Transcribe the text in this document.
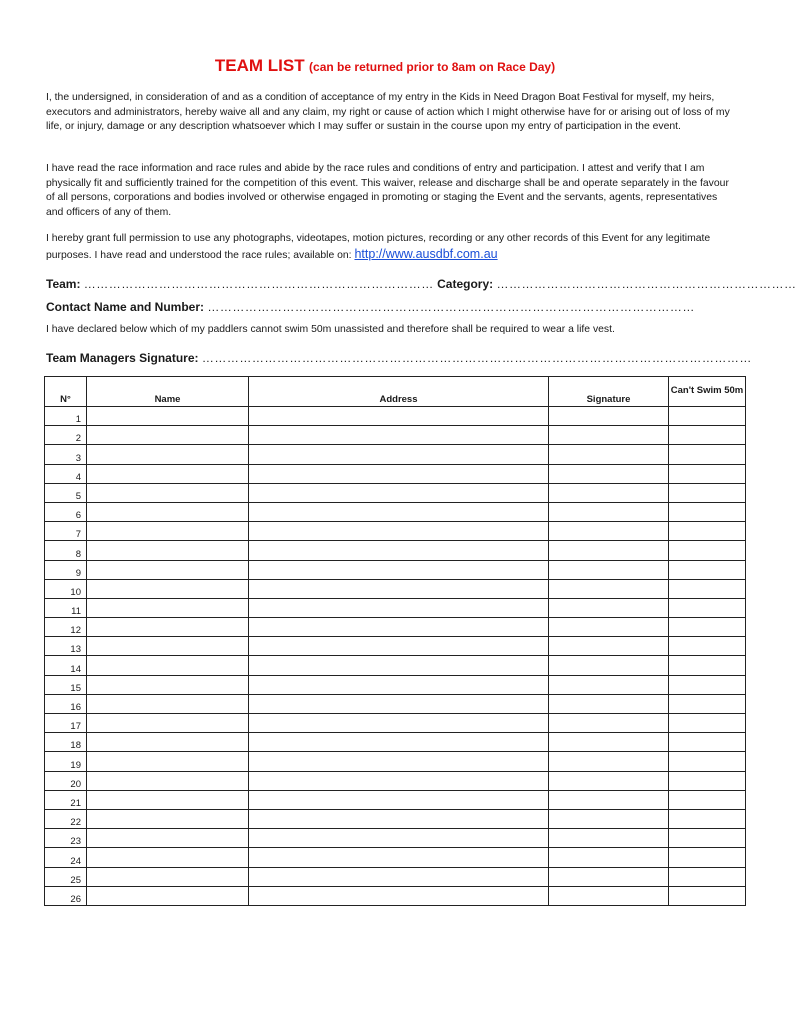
TEAM LIST (can be returned prior to 8am on Race Day)

I, the undersigned, in consideration of and as a condition of acceptance of my entry in the Kids in Need Dragon Boat Festival for myself, my heirs, executors and administrators, hereby waive all and any claim, my right or cause of action which I might otherwise have for or arising out of loss of my life, or injury, damage or any description whatsoever which I may suffer or sustain in the course upon my entry of participation in the event.

I have read the race information and race rules and abide by the race rules and conditions of entry and participation. I attest and verify that I am physically fit and sufficiently trained for the competition of this event. This waiver, release and discharge shall be and operate separately in the favour of all persons, corporations and bodies involved or otherwise engaged in promoting or staging the Event and the servants, agents, representatives and officers of any of them.

I hereby grant full permission to use any photographs, videotapes, motion pictures, recording or any other records of this Event for any legitimate purposes. I have read and understood the race rules; available on: http://www.ausdbf.com.au

Team: ………………………………………………………………………… Category: ………………………………………………………………
Contact Name and Number: ………………………………………………………………………………………………………

I have declared below which of my paddlers cannot swim 50m unassisted and therefore shall be required to wear a life vest.

Team Managers Signature: ……………………………………………………………………………………………………………………
N°	Name	Address	Signature	Can't Swim 50m
1				
2				
3				
4				
5				
6				
7				
8				
9				
10				
11				
12				
13				
14				
15				
16				
17				
18				
19				
20				
21				
22				
23				
24				
25				
26				
